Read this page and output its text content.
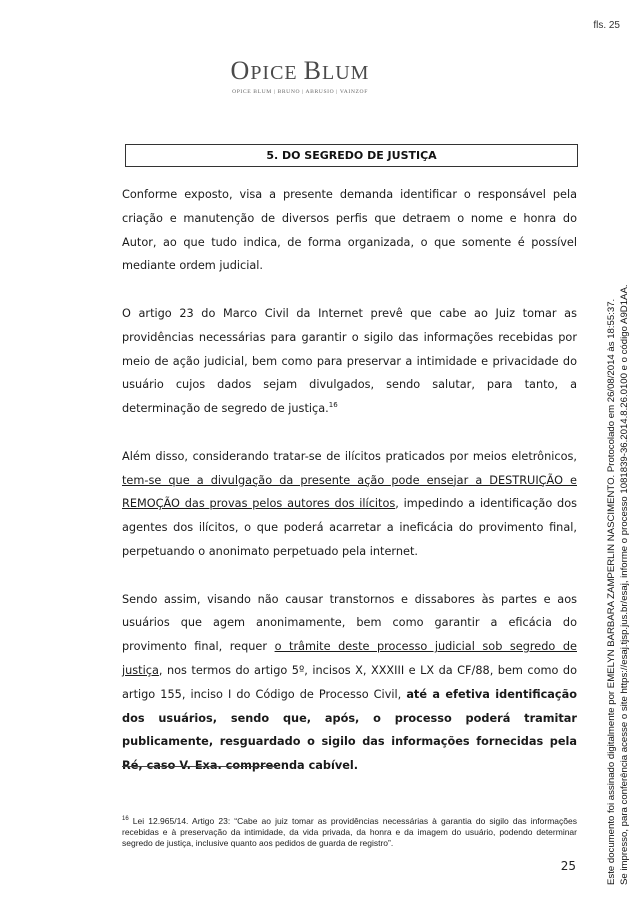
fls. 25
OPICE BLUM
OPICE BLUM | BRUNO | ABRUSIO | VAINZOF
5. DO SEGREDO DE JUSTIÇA

Conforme exposto, visa a presente demanda identificar o responsável pela criação e manutenção de diversos perfis que detraem o nome e honra do Autor, ao que tudo indica, de forma organizada, o que somente é possível mediante ordem judicial.

O artigo 23 do Marco Civil da Internet prevê que cabe ao Juiz tomar as providências necessárias para garantir o sigilo das informações recebidas por meio de ação judicial, bem como para preservar a intimidade e privacidade do usuário cujos dados sejam divulgados, sendo salutar, para tanto, a determinação de segredo de justiça.$^{16}$

Além disso, considerando tratar-se de ilícitos praticados por meios eletrônicos, tem-se que a divulgação da presente ação pode ensejar a DESTRUIÇÃO e REMOÇÃO das provas pelos autores dos ilícitos, impedindo a identificação dos agentes dos ilícitos, o que poderá acarretar a ineficácia do provimento final, perpetuando o anonimato perpetuado pela internet.

Sendo assim, visando não causar transtornos e dissabores às partes e aos usuários que agem anonimamente, bem como garantir a eficácia do provimento final, requer o trâmite deste processo judicial sob segredo de justiça, nos termos do artigo 5º, incisos X, XXXIII e LX da CF/88, bem como do artigo 155, inciso I do Código de Processo Civil, até a efetiva identificação dos usuários, sendo que, após, o processo poderá tramitar publicamente, resguardado o sigilo das informações fornecidas pela Ré, caso V. Exa. compreenda cabível.

$^{16}$ Lei 12.965/14. Artigo 23: “Cabe ao juiz tomar as providências necessárias à garantia do sigilo das informações recebidas e à preservação da intimidade, da vida privada, da honra e da imagem do usuário, podendo determinar segredo de justiça, inclusive quanto aos pedidos de guarda de registro”.
25	Este documento foi assinado digitalmente por EMELYN BARBARA ZAMPERLIN NASCIMENTO. Protocolado em 26/08/2014 às 18:55:37. Se impresso, para conferência acesse o site https://esaj.tjsp.jus.br/esaj, informe o processo 1081839-36.2014.8.26.0100 e o código A9D1AA.
